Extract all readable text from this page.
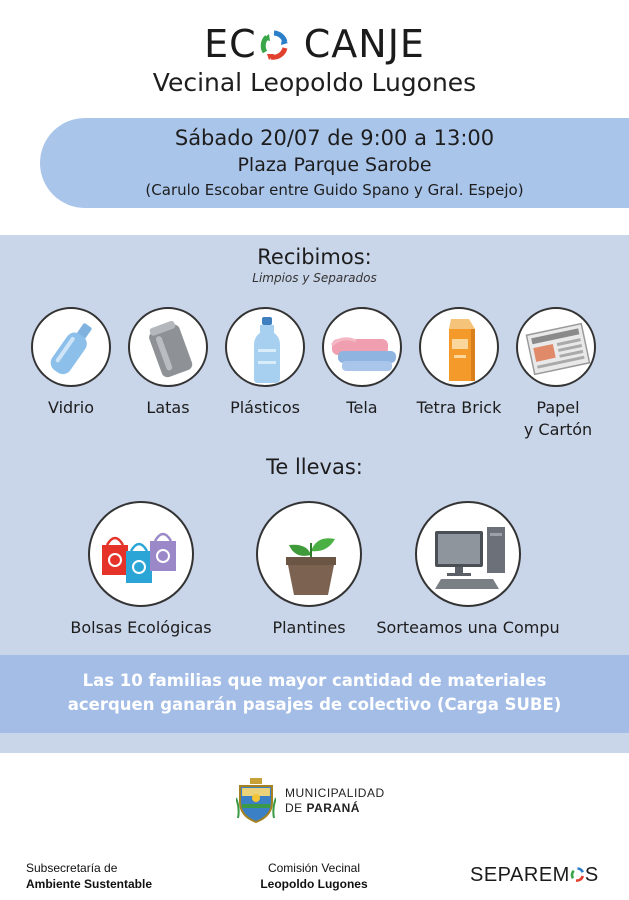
EC CANJE
Vecinal Leopoldo Lugones
Sábado 20/07 de 9:00 a 13:00
Plaza Parque Sarobe
(Carulo Escobar entre Guido Spano y Gral. Espejo)
Recibimos:
Limpios y Separados
Vidrio	Latas	Plásticos	Tela	Tetra Brick	Papel
y Cartón
Te llevas:
Bolsas Ecológicas	Plantines	Sorteamos una Compu
Las 10 familias que mayor cantidad de materiales
acerquen ganarán pasajes de colectivo (Carga SUBE)
MUNICIPALIDAD
DE PARANÁ
Subsecretaría de
Ambiente Sustentable
Comisión Vecinal
Leopoldo Lugones	SEPAREM S
